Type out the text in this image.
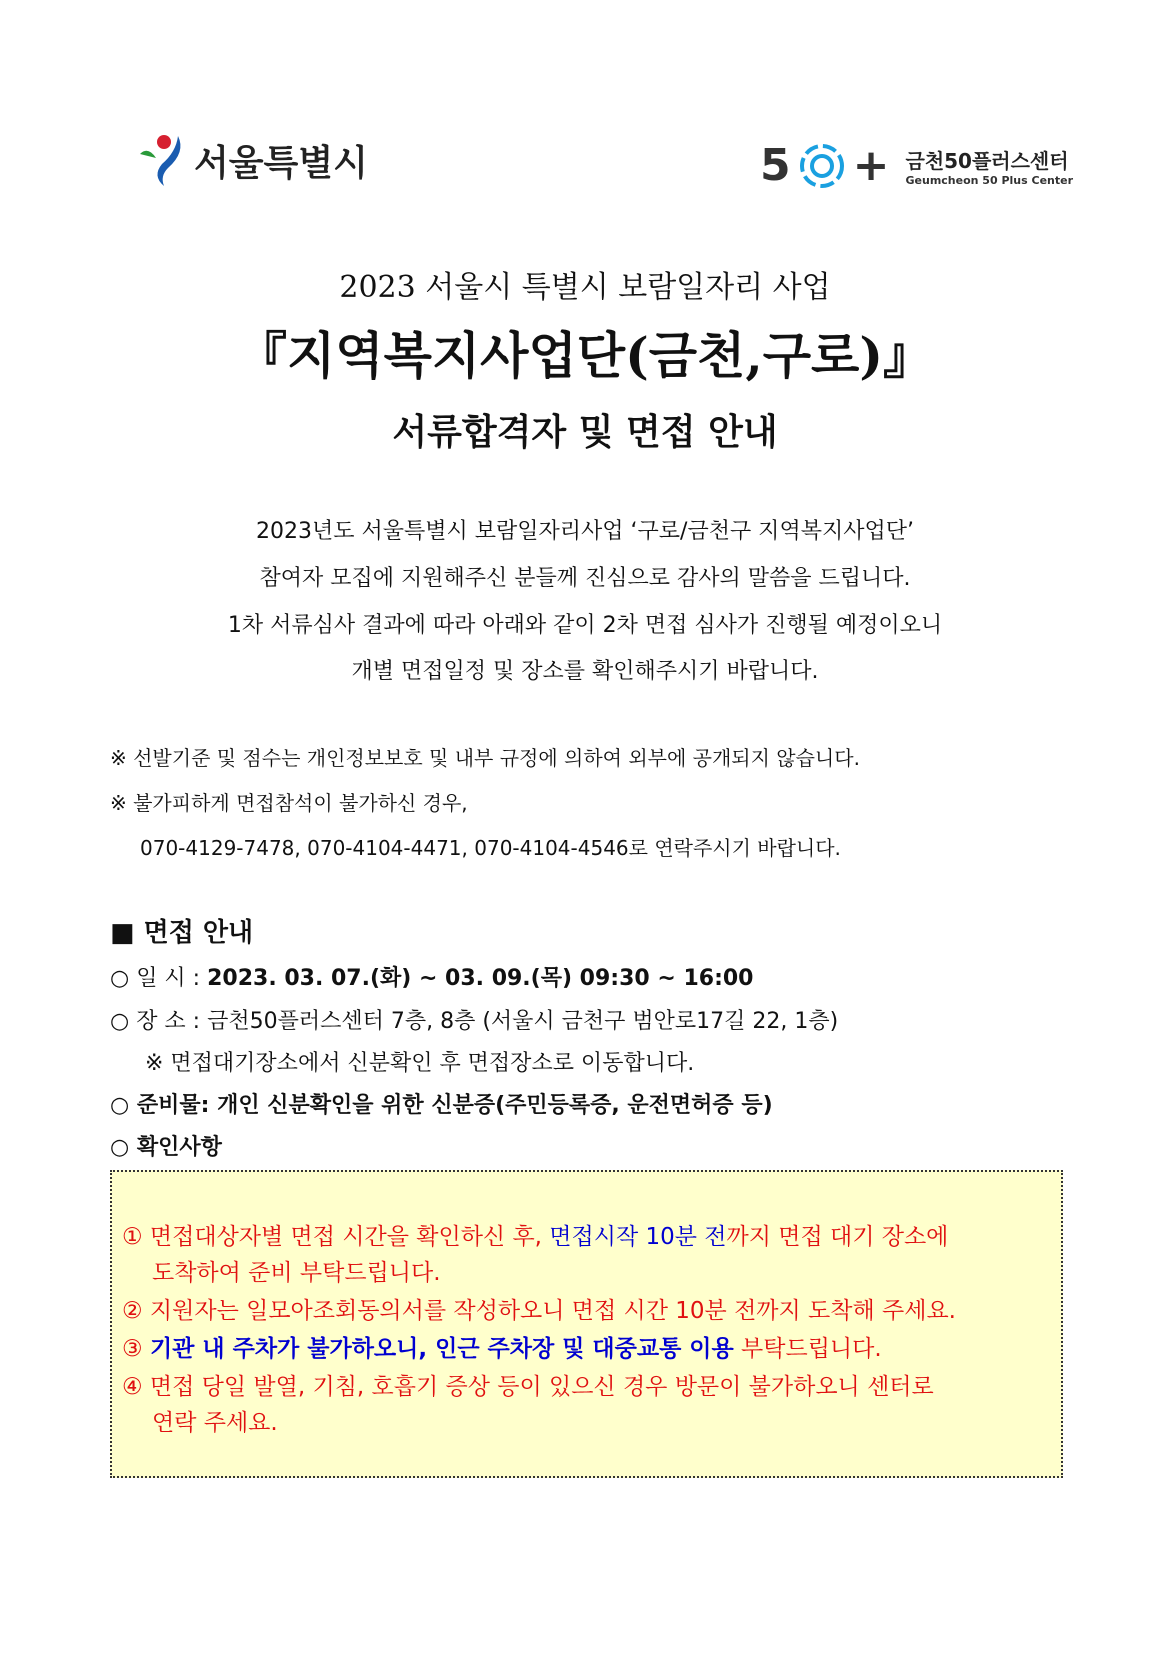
서울특별시	5 + 금천50플러스센터
Geumcheon 50 Plus Center
2023 서울시 특별시 보람일자리 사업
『지역복지사업단(금천,구로)』
서류합격자 및 면접 안내
2023년도 서울특별시 보람일자리사업 ‘구로/금천구 지역복지사업단’
참여자 모집에 지원해주신 분들께 진심으로 감사의 말씀을 드립니다.
1차 서류심사 결과에 따라 아래와 같이 2차 면접 심사가 진행될 예정이오니
개별 면접일정 및 장소를 확인해주시기 바랍니다.
※ 선발기준 및 점수는 개인정보보호 및 내부 규정에 의하여 외부에 공개되지 않습니다.
※ 불가피하게 면접참석이 불가하신 경우,
070-4129-7478, 070-4104-4471, 070-4104-4546로 연락주시기 바랍니다.
■ 면접 안내
○ 일 시 : 2023. 03. 07.(화) ~ 03. 09.(목) 09:30 ~ 16:00
○ 장 소 : 금천50플러스센터 7층, 8층 (서울시 금천구 범안로17길 22, 1층)
※ 면접대기장소에서 신분확인 후 면접장소로 이동합니다.
○ 준비물: 개인 신분확인을 위한 신분증(주민등록증, 운전면허증 등)
○ 확인사항
① 면접대상자별 면접 시간을 확인하신 후, 면접시작 10분 전까지 면접 대기 장소에
도착하여 준비 부탁드립니다.
② 지원자는 일모아조회동의서를 작성하오니 면접 시간 10분 전까지 도착해 주세요.
③ 기관 내 주차가 불가하오니, 인근 주차장 및 대중교통 이용 부탁드립니다.
④ 면접 당일 발열, 기침, 호흡기 증상 등이 있으신 경우 방문이 불가하오니 센터로
연락 주세요.
